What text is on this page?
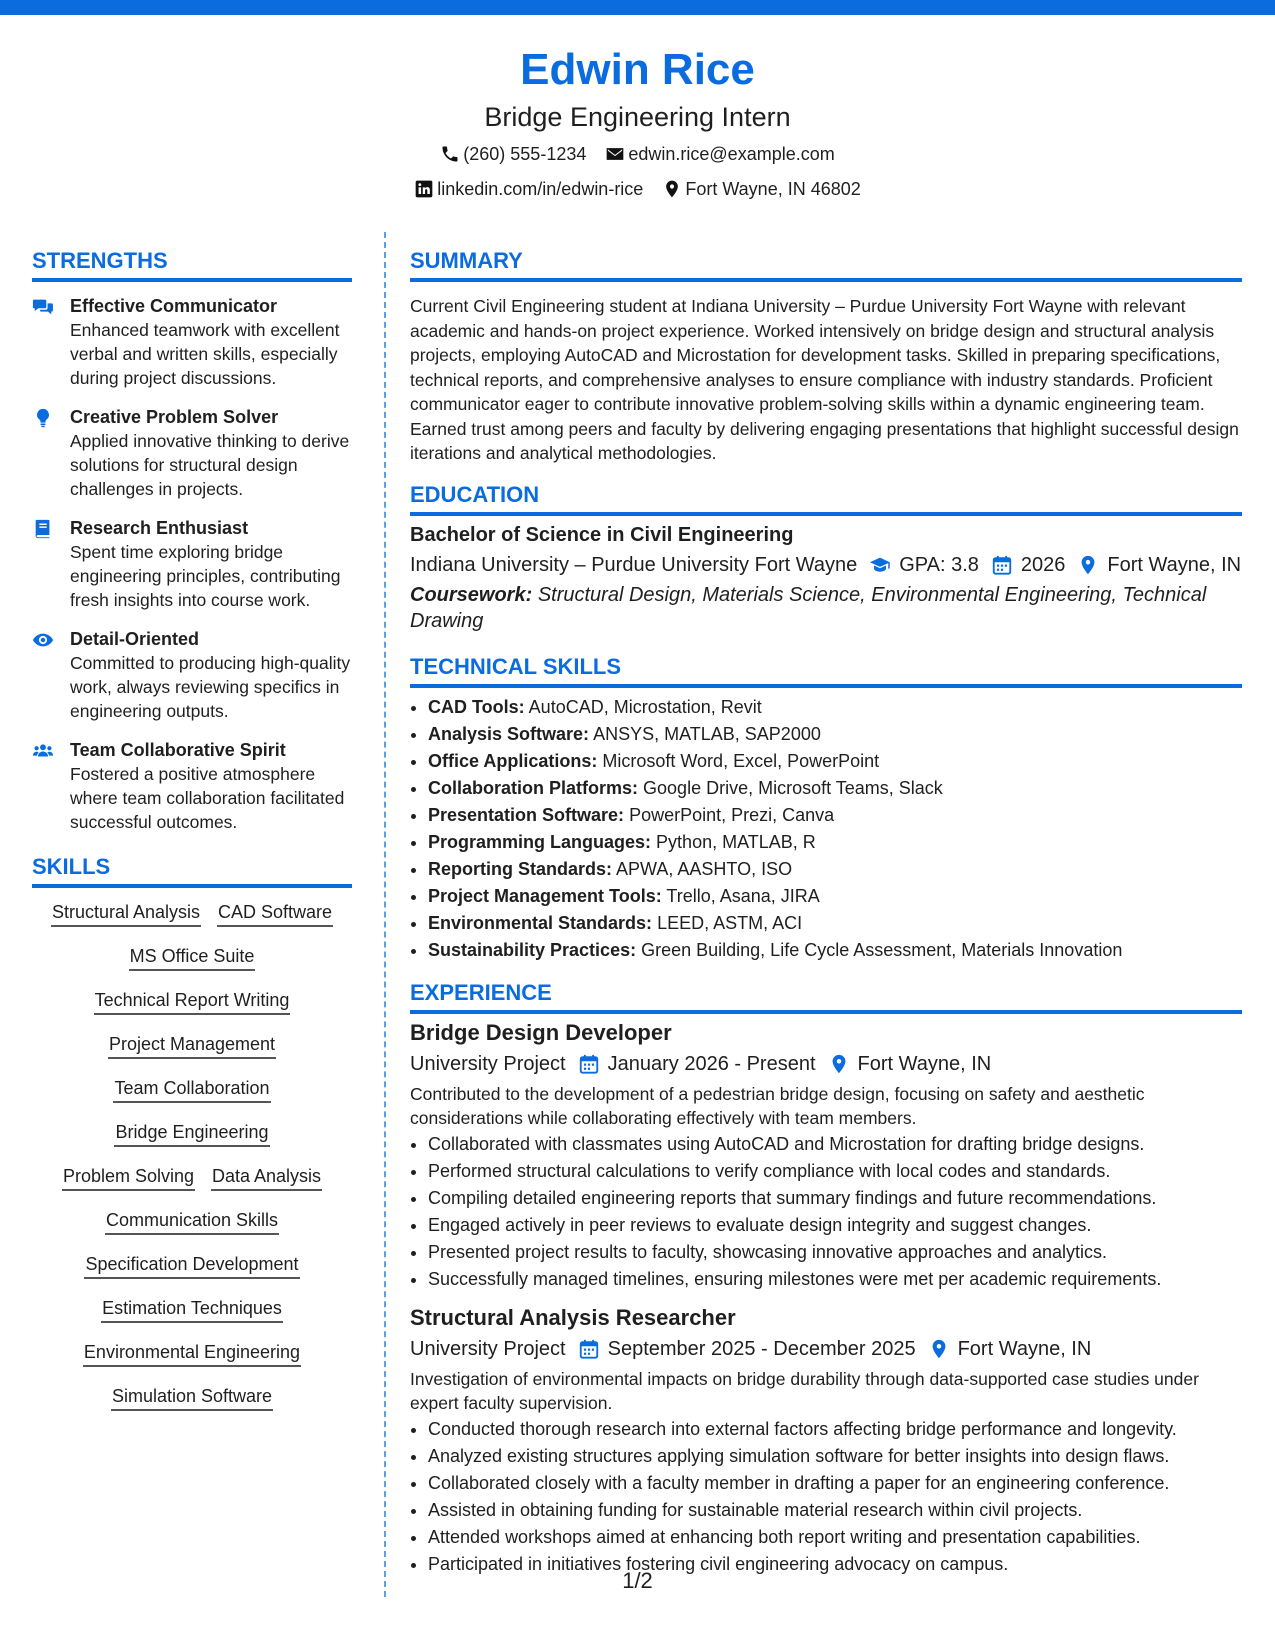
Edwin Rice
Bridge Engineering Intern
(260) 555-1234
edwin.rice@example.com
linkedin.com/in/edwin-rice
Fort Wayne, IN 46802
STRENGTHS
Effective Communicator
Enhanced teamwork with excellent verbal and written skills, especially during project discussions.
Creative Problem Solver
Applied innovative thinking to derive solutions for structural design challenges in projects.
Research Enthusiast
Spent time exploring bridge engineering principles, contributing fresh insights into course work.
Detail-Oriented
Committed to producing high-quality work, always reviewing specifics in engineering outputs.
Team Collaborative Spirit
Fostered a positive atmosphere where team collaboration facilitated successful outcomes.
SKILLS
Structural Analysis CAD Software
MS Office Suite
Technical Report Writing
Project Management
Team Collaboration
Bridge Engineering
Problem Solving Data Analysis
Communication Skills
Specification Development
Estimation Techniques
Environmental Engineering
Simulation Software
SUMMARY

Current Civil Engineering student at Indiana University – Purdue University Fort Wayne with relevant academic and hands-on project experience. Worked intensively on bridge design and structural analysis projects, employing AutoCAD and Microstation for development tasks. Skilled in preparing specifications, technical reports, and comprehensive analyses to ensure compliance with industry standards. Proficient communicator eager to contribute innovative problem-solving skills within a dynamic engineering team. Earned trust among peers and faculty by delivering engaging presentations that highlight successful design iterations and analytical methodologies.

EDUCATION
Bachelor of Science in Civil Engineering
Indiana University – Purdue University Fort Wayne GPA: 3.8 2026 Fort Wayne, IN
Coursework: Structural Design, Materials Science, Environmental Engineering, Technical Drawing
TECHNICAL SKILLS
• CAD Tools: AutoCAD, Microstation, Revit
• Analysis Software: ANSYS, MATLAB, SAP2000
• Office Applications: Microsoft Word, Excel, PowerPoint
• Collaboration Platforms: Google Drive, Microsoft Teams, Slack
• Presentation Software: PowerPoint, Prezi, Canva
• Programming Languages: Python, MATLAB, R
• Reporting Standards: APWA, AASHTO, ISO
• Project Management Tools: Trello, Asana, JIRA
• Environmental Standards: LEED, ASTM, ACI
• Sustainability Practices: Green Building, Life Cycle Assessment, Materials Innovation
EXPERIENCE
Bridge Design Developer
University Project January 2026 - Present Fort Wayne, IN

Contributed to the development of a pedestrian bridge design, focusing on safety and aesthetic considerations while collaborating effectively with team members.

• Collaborated with classmates using AutoCAD and Microstation for drafting bridge designs.
• Performed structural calculations to verify compliance with local codes and standards.
• Compiling detailed engineering reports that summary findings and future recommendations.
• Engaged actively in peer reviews to evaluate design integrity and suggest changes.
• Presented project results to faculty, showcasing innovative approaches and analytics.
• Successfully managed timelines, ensuring milestones were met per academic requirements.
Structural Analysis Researcher
University Project September 2025 - December 2025 Fort Wayne, IN

Investigation of environmental impacts on bridge durability through data-supported case studies under expert faculty supervision.

• Conducted thorough research into external factors affecting bridge performance and longevity.
• Analyzed existing structures applying simulation software for better insights into design flaws.
• Collaborated closely with a faculty member in drafting a paper for an engineering conference.
• Assisted in obtaining funding for sustainable material research within civil projects.
• Attended workshops aimed at enhancing both report writing and presentation capabilities.
• Participated in initiatives fostering civil engineering advocacy on campus.
1/2
